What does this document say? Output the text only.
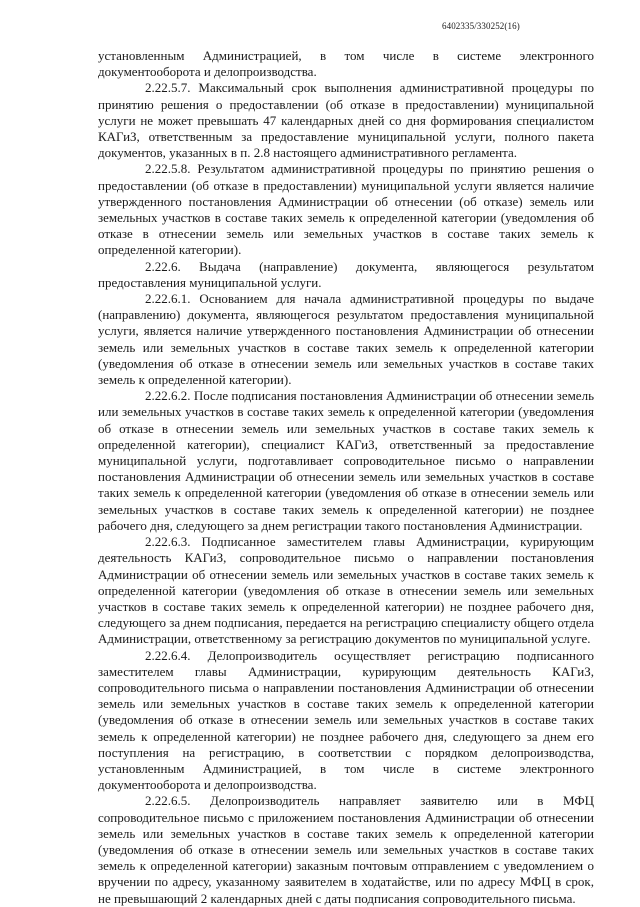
6402335/330252(16)

установленным Администрацией, в том числе в системе электронного документооборота и делопроизводства.

2.22.5.7. Максимальный срок выполнения административной процедуры по принятию решения о предоставлении (об отказе в предоставлении) муниципальной услуги не может превышать 47 календарных дней со дня формирования специалистом КАГиЗ, ответственным за предоставление муниципальной услуги, полного пакета документов, указанных в п. 2.8 настоящего административного регламента.

2.22.5.8. Результатом административной процедуры по принятию решения о предоставлении (об отказе в предоставлении) муниципальной услуги является наличие утвержденного постановления Администрации об отнесении (об отказе) земель или земельных участков в составе таких земель к определенной категории (уведомления об отказе в отнесении земель или земельных участков в составе таких земель к определенной категории).

2.22.6. Выдача (направление) документа, являющегося результатом предоставления муниципальной услуги.

2.22.6.1. Основанием для начала административной процедуры по выдаче (направлению) документа, являющегося результатом предоставления муниципальной услуги, является наличие утвержденного постановления Администрации об отнесении земель или земельных участков в составе таких земель к определенной категории (уведомления об отказе в отнесении земель или земельных участков в составе таких земель к определенной категории).

2.22.6.2. После подписания постановления Администрации об отнесении земель или земельных участков в составе таких земель к определенной категории (уведомления об отказе в отнесении земель или земельных участков в составе таких земель к определенной категории), специалист КАГиЗ, ответственный за предоставление муниципальной услуги, подготавливает сопроводительное письмо о направлении постановления Администрации об отнесении земель или земельных участков в составе таких земель к определенной категории (уведомления об отказе в отнесении земель или земельных участков в составе таких земель к определенной категории) не позднее рабочего дня, следующего за днем регистрации такого постановления Администрации.

2.22.6.3. Подписанное заместителем главы Администрации, курирующим деятельность КАГиЗ, сопроводительное письмо о направлении постановления Администрации об отнесении земель или земельных участков в составе таких земель к определенной категории (уведомления об отказе в отнесении земель или земельных участков в составе таких земель к определенной категории) не позднее рабочего дня, следующего за днем подписания, передается на регистрацию специалисту общего отдела Администрации, ответственному за регистрацию документов по муниципальной услуге.

2.22.6.4. Делопроизводитель осуществляет регистрацию подписанного заместителем главы Администрации, курирующим деятельность КАГиЗ, сопроводительного письма о направлении постановления Администрации об отнесении земель или земельных участков в составе таких земель к определенной категории (уведомления об отказе в отнесении земель или земельных участков в составе таких земель к определенной категории) не позднее рабочего дня, следующего за днем его поступления на регистрацию, в соответствии с порядком делопроизводства, установленным Администрацией, в том числе в системе электронного документооборота и делопроизводства.

2.22.6.5. Делопроизводитель направляет заявителю или в МФЦ сопроводительное письмо с приложением постановления Администрации об отнесении земель или земельных участков в составе таких земель к определенной категории (уведомления об отказе в отнесении земель или земельных участков в составе таких земель к определенной категории) заказным почтовым отправлением с уведомлением о вручении по адресу, указанному заявителем в ходатайстве, или по адресу МФЦ в срок, не превышающий 2 календарных дней с даты подписания сопроводительного письма.
